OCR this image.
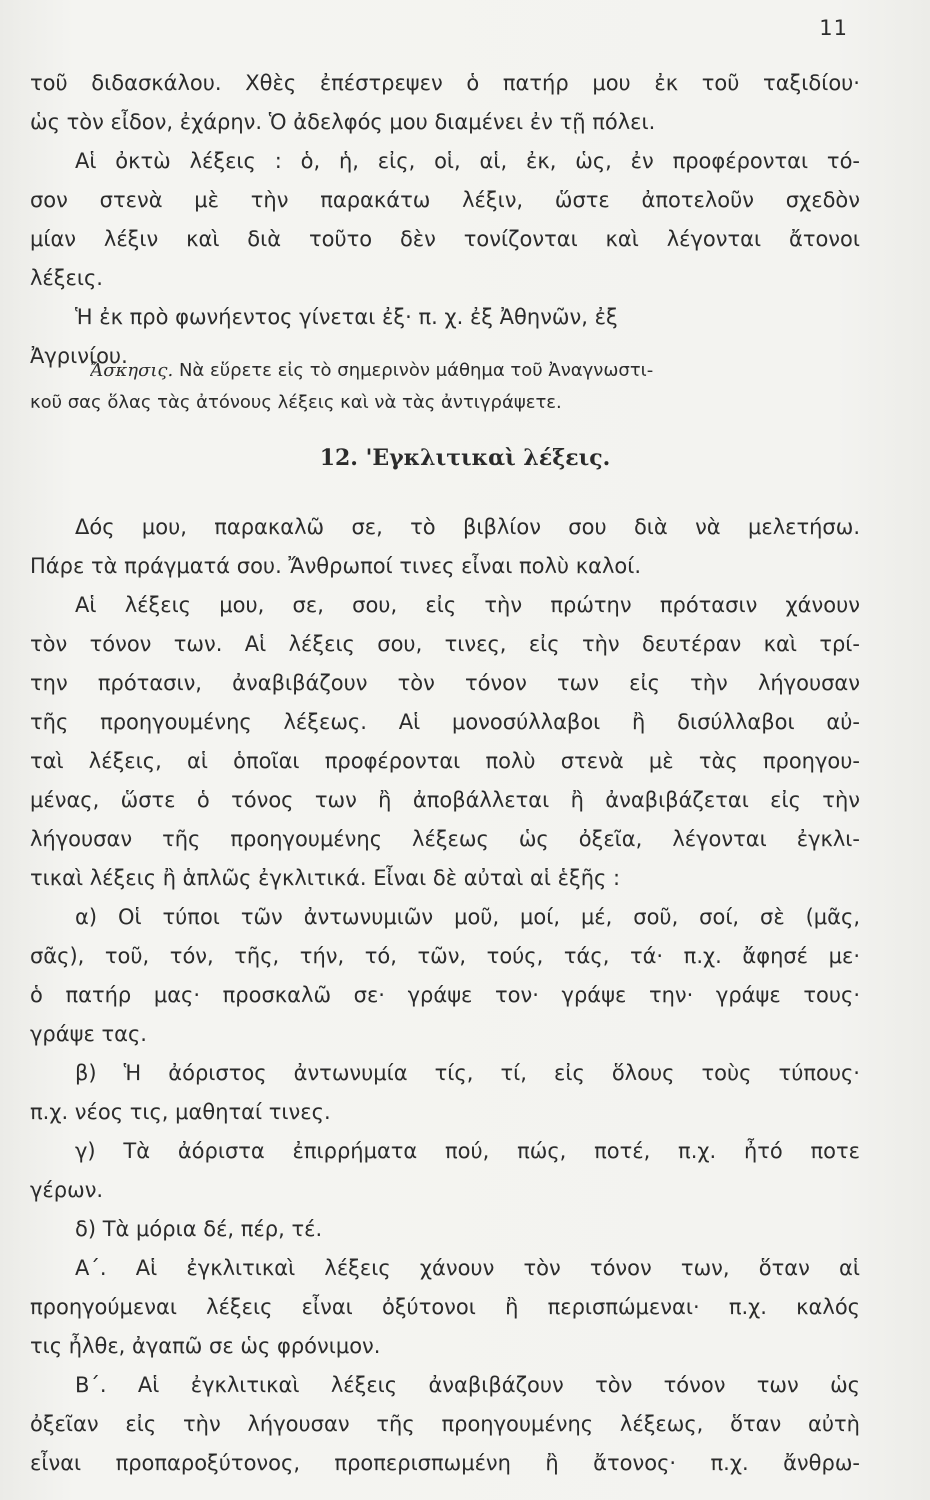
11
τοῦ διδασκάλου. Χθὲς ἐπέστρεψεν ὁ πατήρ μου ἐκ τοῦ ταξιδίου·
ὡς τὸν εἶδον, ἐχάρην. Ὁ ἀδελφός μου διαμένει ἐν τῇ πόλει.
Αἱ ὀκτὼ λέξεις : ὁ, ἡ, εἰς, οἱ, αἱ, ἐκ, ὡς, ἐν προφέρονται τό-
σον στενὰ μὲ τὴν παρακάτω λέξιν, ὥστε ἀποτελοῦν σχεδὸν
μίαν λέξιν καὶ διὰ τοῦτο δὲν τονίζονται καὶ λέγονται ἄτονοι
λέξεις.
Ἡ ἐκ πρὸ φωνήεντος γίνεται ἐξ· π. χ. ἐξ Ἀθηνῶν, ἐξ
Ἀγρινίου.
Ἄσκησις. Νὰ εὕρετε εἰς τὸ σημερινὸν μάθημα τοῦ Ἀναγνωστι-
κοῦ σας ὅλας τὰς ἀτόνους λέξεις καὶ νὰ τὰς ἀντιγράψετε.
12. 'Εγκλιτικαὶ λέξεις.
Δός μου, παρακαλῶ σε, τὸ βιβλίον σου διὰ νὰ μελετήσω.
Πάρε τὰ πράγματά σου. Ἄνθρωποί τινες εἶναι πολὺ καλοί.
Αἱ λέξεις μου, σε, σου, εἰς τὴν πρώτην πρότασιν χάνουν
τὸν τόνον των. Αἱ λέξεις σου, τινες, εἰς τὴν δευτέραν καὶ τρί-
την πρότασιν, ἀναβιβάζουν τὸν τόνον των εἰς τὴν λήγουσαν
τῆς προηγουμένης λέξεως. Αἱ μονοσύλλαβοι ἢ δισύλλαβοι αὐ-
ταὶ λέξεις, αἱ ὁποῖαι προφέρονται πολὺ στενὰ μὲ τὰς προηγου-
μένας, ὥστε ὁ τόνος των ἢ ἀποβάλλεται ἢ ἀναβιβάζεται εἰς τὴν
λήγουσαν τῆς προηγουμένης λέξεως ὡς ὀξεῖα, λέγονται ἐγκλι-
τικαὶ λέξεις ἢ ἁπλῶς ἐγκλιτικά. Εἶναι δὲ αὐταὶ αἱ ἑξῆς :
α) Οἱ τύποι τῶν ἀντωνυμιῶν μοῦ, μοί, μέ, σοῦ, σοί, σὲ (μᾶς,
σᾶς), τοῦ, τόν, τῆς, τήν, τό, τῶν, τούς, τάς, τά· π.χ. ἄφησέ με·
ὁ πατήρ μας· προσκαλῶ σε· γράψε τον· γράψε την· γράψε τους·
γράψε τας.
β) Ἡ ἀόριστος ἀντωνυμία τίς, τί, εἰς ὅλους τοὺς τύπους·
π.χ. νέος τις, μαθηταί τινες.
γ) Τὰ ἀόριστα ἐπιρρήματα πού, πώς, ποτέ, π.χ. ἦτό ποτε
γέρων.
δ) Τὰ μόρια δέ, πέρ, τέ.
Α΄. Αἱ ἐγκλιτικαὶ λέξεις χάνουν τὸν τόνον των, ὅταν αἱ
προηγούμεναι λέξεις εἶναι ὀξύτονοι ἢ περισπώμεναι· π.χ. καλός
τις ἦλθε, ἀγαπῶ σε ὡς φρόνιμον.
Β΄. Αἱ ἐγκλιτικαὶ λέξεις ἀναβιβάζουν τὸν τόνον των ὡς
ὀξεῖαν εἰς τὴν λήγουσαν τῆς προηγουμένης λέξεως, ὅταν αὐτὴ
εἶναι προπαροξύτονος, προπερισπωμένη ἢ ἄτονος· π.χ. ἄνθρω-
